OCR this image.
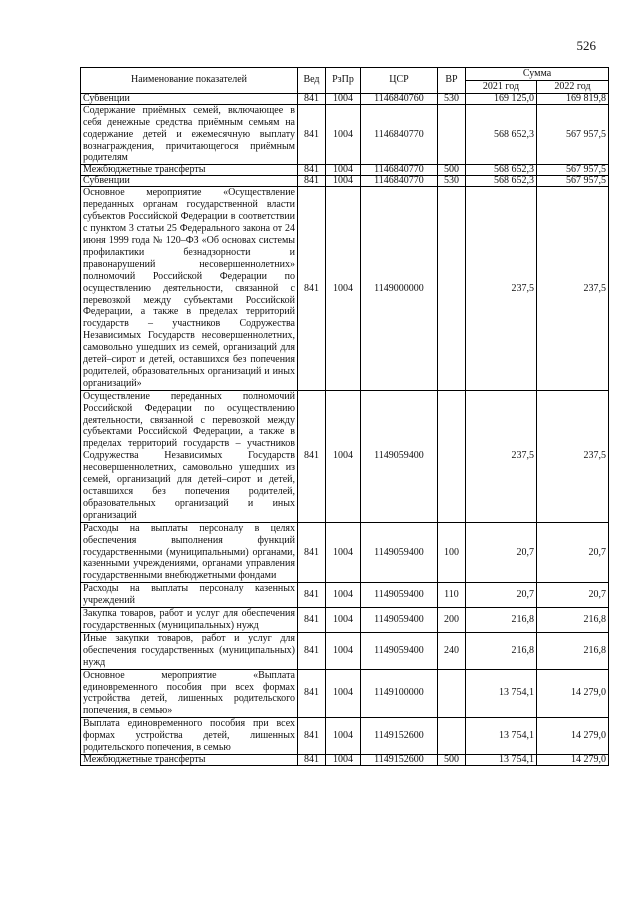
526
Наименование показателей	Вед	РзПр	ЦСР	ВР	Сумма	
					2021 год	2022 год
Субвенции	841	1004	1146840760	530	169 125,0	169 819,8
Содержание приёмных семей, включающее в себя денежные средства приёмным семьям на содержание детей и ежемесячную выплату вознаграждения, причитающегося приёмным родителям	841	1004	1146840770		568 652,3	567 957,5
Межбюджетные трансферты	841	1004	1146840770	500	568 652,3	567 957,5
Субвенции	841	1004	1146840770	530	568 652,3	567 957,5
Основное мероприятие «Осуществление переданных органам государственной власти субъектов Российской Федерации в соответствии с пунктом 3 статьи 25 Федерального закона от 24 июня 1999 года № 120–ФЗ «Об основах системы профилактики безнадзорности и правонарушений несовершеннолетних» полномочий Российской Федерации по осуществлению деятельности, связанной с перевозкой между субъектами Российской Федерации, а также в пределах территорий государств – участников Содружества Независимых Государств несовершеннолетних, самовольно ушедших из семей, организаций для детей–сирот и детей, оставшихся без попечения родителей, образовательных организаций и иных организаций»	841	1004	1149000000		237,5	237,5
Осуществление переданных полномочий Российской Федерации по осуществлению деятельности, связанной с перевозкой между субъектами Российской Федерации, а также в пределах территорий государств – участников Содружества Независимых Государств несовершеннолетних, самовольно ушедших из семей, организаций для детей–сирот и детей, оставшихся без попечения родителей, образовательных организаций и иных организаций	841	1004	1149059400		237,5	237,5
Расходы на выплаты персоналу в целях обеспечения выполнения функций государственными (муниципальными) органами, казенными учреждениями, органами управления государственными внебюджетными фондами	841	1004	1149059400	100	20,7	20,7
Расходы на выплаты персоналу казенных учреждений	841	1004	1149059400	110	20,7	20,7
Закупка товаров, работ и услуг для обеспечения государственных (муниципальных) нужд	841	1004	1149059400	200	216,8	216,8
Иные закупки товаров, работ и услуг для обеспечения государственных (муниципальных) нужд	841	1004	1149059400	240	216,8	216,8
Основное мероприятие «Выплата единовременного пособия при всех формах устройства детей, лишенных родительского попечения, в семью»	841	1004	1149100000		13 754,1	14 279,0
Выплата единовременного пособия при всех формах устройства детей, лишенных родительского попечения, в семью	841	1004	1149152600		13 754,1	14 279,0
Межбюджетные трансферты	841	1004	1149152600	500	13 754,1	14 279,0
